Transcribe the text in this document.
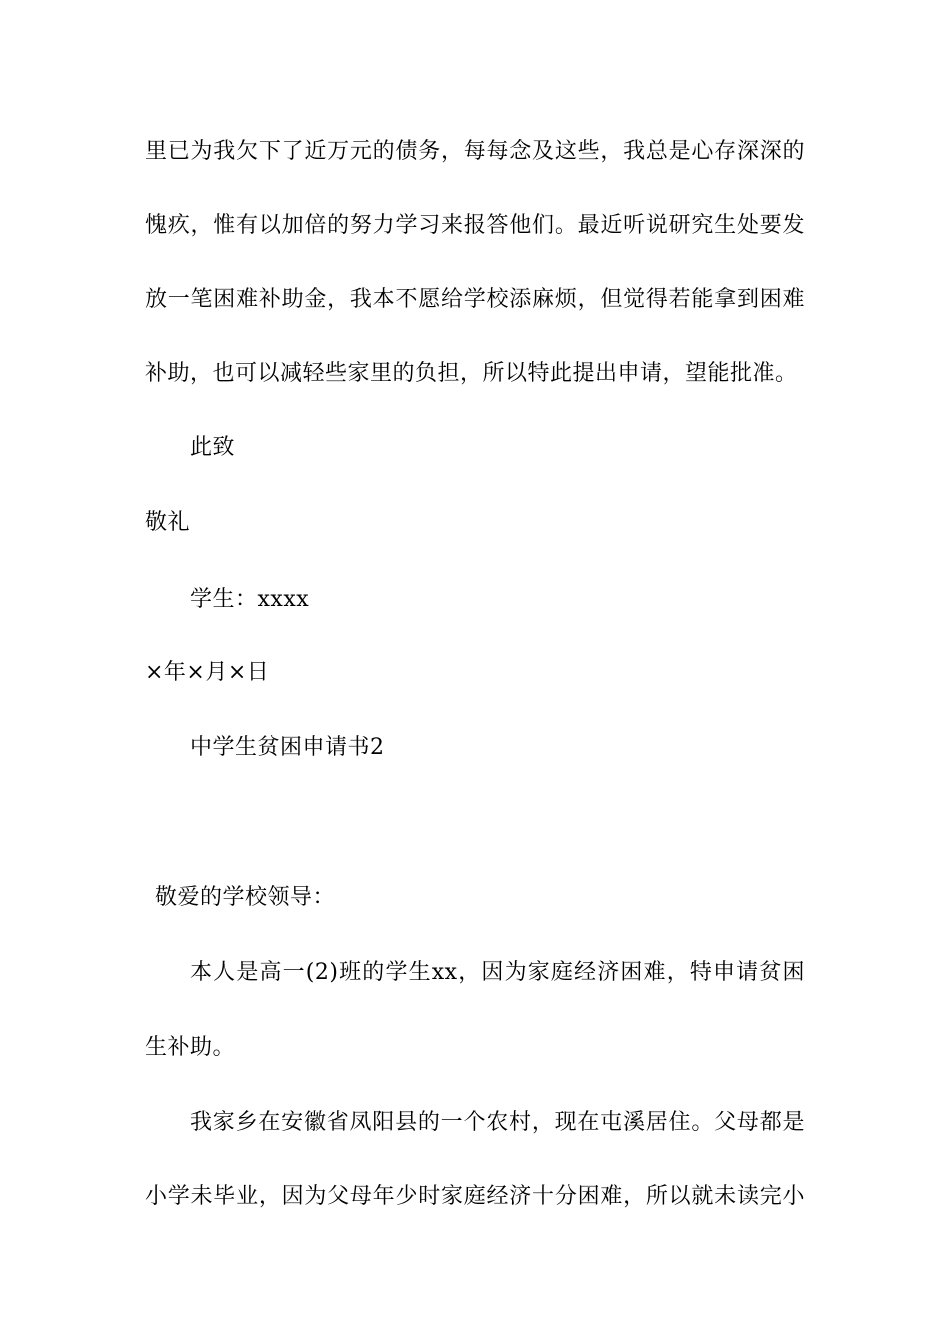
里已为我欠下了近万元的债务，每每念及这些，我总是心存深深的
愧疚，惟有以加倍的努力学习来报答他们。最近听说研究生处要发
放一笔困难补助金，我本不愿给学校添麻烦，但觉得若能拿到困难
补助，也可以减轻些家里的负担，所以特此提出申请，望能批准。
此致
敬礼
学生：xxxx
×年×月×日
中学生贫困申请书2
敬爱的学校领导：
本人是高一(2)班的学生xx，因为家庭经济困难，特申请贫困
生补助。
我家乡在安徽省凤阳县的一个农村，现在屯溪居住。父母都是
小学未毕业，因为父母年少时家庭经济十分困难，所以就未读完小
